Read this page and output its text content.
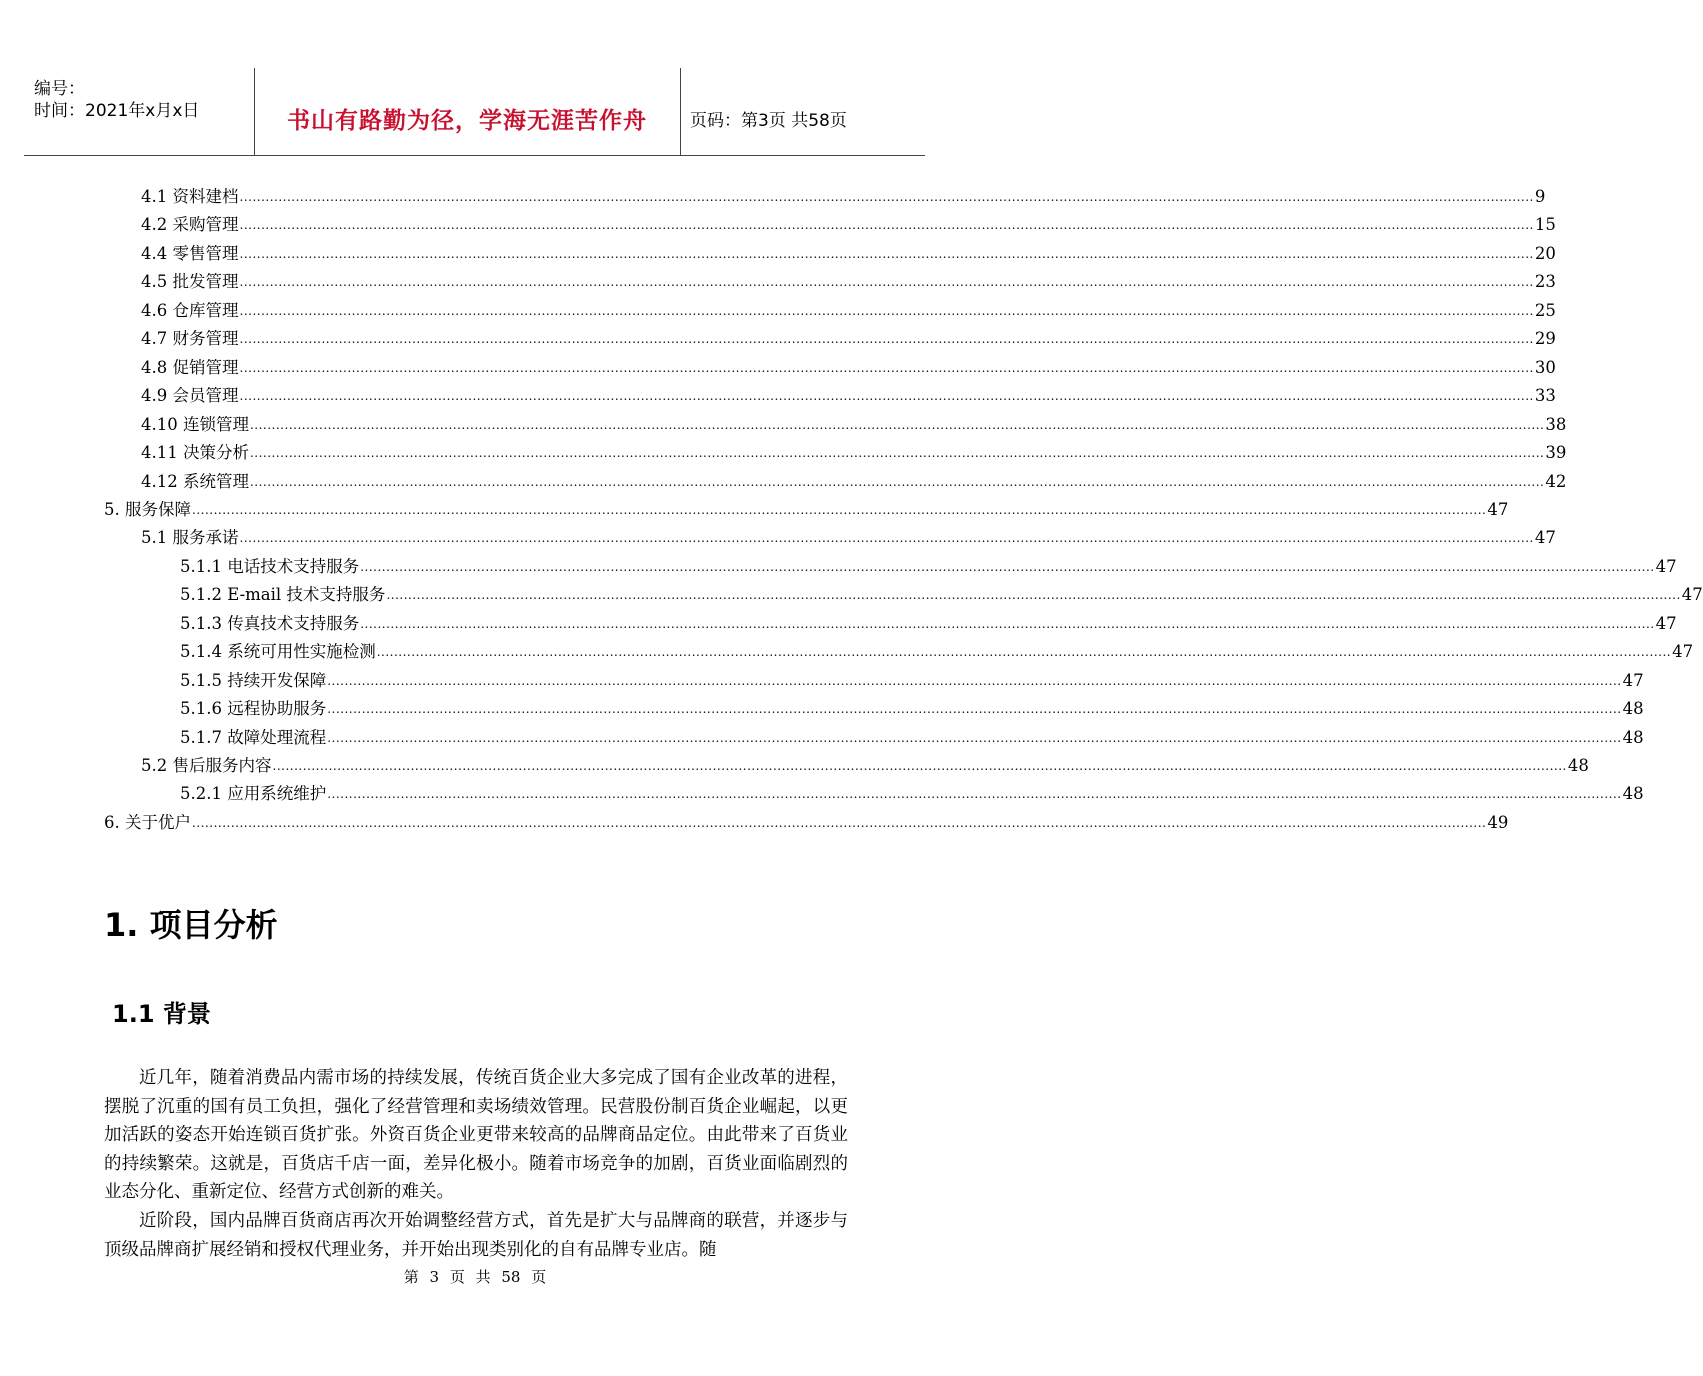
编号：
时间：2021年x月x日	书山有路勤为径，学海无涯苦作舟	页码：第3页 共58页
4.1 资料建档 ............................................................................................................................................................................................................................................................................................................ 9
4.2 采购管理 ............................................................................................................................................................................................................................................................................................................ 15
4.4 零售管理 ............................................................................................................................................................................................................................................................................................................ 20
4.5 批发管理 ............................................................................................................................................................................................................................................................................................................ 23
4.6 仓库管理 ............................................................................................................................................................................................................................................................................................................ 25
4.7 财务管理 ............................................................................................................................................................................................................................................................................................................ 29
4.8 促销管理 ............................................................................................................................................................................................................................................................................................................ 30
4.9 会员管理 ............................................................................................................................................................................................................................................................................................................ 33
4.10 连锁管理 ............................................................................................................................................................................................................................................................................................................ 38
4.11 决策分析 ............................................................................................................................................................................................................................................................................................................ 39
4.12 系统管理 ............................................................................................................................................................................................................................................................................................................ 42
5. 服务保障 ............................................................................................................................................................................................................................................................................................................ 47
5.1 服务承诺 ............................................................................................................................................................................................................................................................................................................ 47
5.1.1 电话技术支持服务 ............................................................................................................................................................................................................................................................................................................ 47
5.1.2 E-mail 技术支持服务 ............................................................................................................................................................................................................................................................................................................ 47
5.1.3 传真技术支持服务 ............................................................................................................................................................................................................................................................................................................ 47
5.1.4 系统可用性实施检测 ............................................................................................................................................................................................................................................................................................................ 47
5.1.5 持续开发保障 ............................................................................................................................................................................................................................................................................................................ 47
5.1.6 远程协助服务 ............................................................................................................................................................................................................................................................................................................ 48
5.1.7 故障处理流程 ............................................................................................................................................................................................................................................................................................................ 48
5.2 售后服务内容 ............................................................................................................................................................................................................................................................................................................ 48
5.2.1 应用系统维护 ............................................................................................................................................................................................................................................................................................................ 48
6. 关于优户 ............................................................................................................................................................................................................................................................................................................ 49
1. 项目分析
1.1 背景

近几年，随着消费品内需市场的持续发展，传统百货企业大多完成了国有企业改革的进程，摆脱了沉重的国有员工负担，强化了经营管理和卖场绩效管理。民营股份制百货企业崛起，以更加活跃的姿态开始连锁百货扩张。外资百货企业更带来较高的品牌商品定位。由此带来了百货业的持续繁荣。这就是，百货店千店一面，差异化极小。随着市场竞争的加剧，百货业面临剧烈的业态分化、重新定位、经营方式创新的难关。

近阶段，国内品牌百货商店再次开始调整经营方式，首先是扩大与品牌商的联营，并逐步与顶级品牌商扩展经销和授权代理业务，并开始出现类别化的自有品牌专业店。随

第 3 页 共 58 页
